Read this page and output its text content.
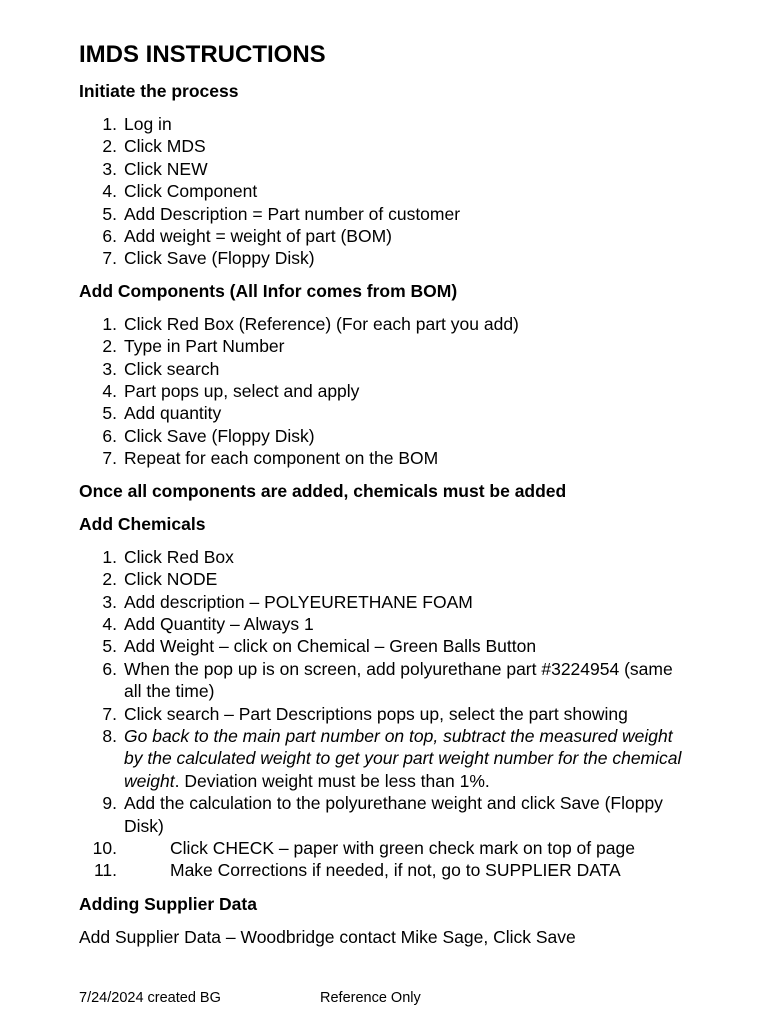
IMDS INSTRUCTIONS
Initiate the process
1. Log in
2. Click MDS
3. Click NEW
4. Click Component
5. Add Description = Part number of customer
6. Add weight = weight of part (BOM)
7. Click Save (Floppy Disk)
Add Components (All Infor comes from BOM)
1. Click Red Box (Reference) (For each part you add)
2. Type in Part Number
3. Click search
4. Part pops up, select and apply
5. Add quantity
6. Click Save (Floppy Disk)
7. Repeat for each component on the BOM
Once all components are added, chemicals must be added
Add Chemicals
1. Click Red Box
2. Click NODE
3. Add description – POLYEURETHANE FOAM
4. Add Quantity – Always 1
5. Add Weight – click on Chemical – Green Balls Button
6. When the pop up is on screen, add polyurethane part #3224954 (same all the time)
7. Click search – Part Descriptions pops up, select the part showing
8. Go back to the main part number on top, subtract the measured weight by the calculated weight to get your part weight number for the chemical weight. Deviation weight must be less than 1%.
9. Add the calculation to the polyurethane weight and click Save (Floppy Disk)
10.	Click CHECK – paper with green check mark on top of page
11.	Make Corrections if needed, if not, go to SUPPLIER DATA
Adding Supplier Data

Add Supplier Data – Woodbridge contact Mike Sage, Click Save

7/24/2024 created BG	Reference Only
